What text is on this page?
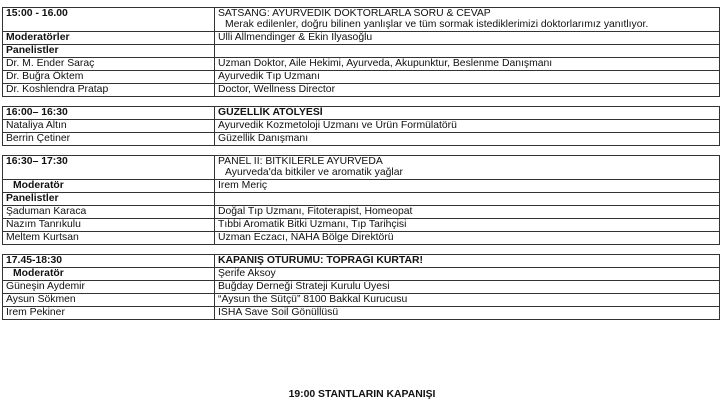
15:00 - 16.00	SATSANG: AYURVEDİK DOKTORLARLA SORU & CEVAP
Merak edilenler, doğru bilinen yanlışlar ve tüm sormak istediklerimizi doktorlarımız yanıtlıyor.

Moderatörler	Ulli Allmendinger & Ekin İlyasoğlu
Panelistler	
Dr. M. Ender Saraç	Uzman Doktor, Aile Hekimi, Ayurveda, Akupunktur, Beslenme Danışmanı
Dr. Buğra Öktem	Ayurvedik Tıp Uzmanı
Dr. Koshlendra Pratap	Doctor, Wellness Director

16:00– 16:30	GÜZELLİK ATÖLYESİ
Nataliya Altın	Ayurvedik Kozmetoloji Uzmanı ve Ürün Formülatörü
Berrin Çetiner	Güzellik Danışmanı

16:30– 17:30	PANEL II: BİTKİLERLE AYURVEDA
Ayurveda'da bitkiler ve aromatik yağlar

Moderatör	İrem Meriç
Panelistler	
Şaduman Karaca	Doğal Tıp Uzmanı, Fitoterapist, Homeopat
Nazım Tanrıkulu	Tıbbi Aromatik Bitki Uzmanı, Tıp Tarihçisi
Meltem Kurtsan	Uzman Eczacı, NAHA Bölge Direktörü

17.45-18:30	KAPANIŞ OTURUMU: TOPRAĞI KURTAR!
Moderatör	Şerife Aksoy
Güneşin Aydemir	Buğday Derneği Strateji Kurulu Üyesi
Aysun Sökmen	“Aysun the Sütçü” 8100 Bakkal Kurucusu
İrem Pekiner	ISHA Save Soil Gönüllüsü
19:00 STANTLARIN KAPANIŞI
